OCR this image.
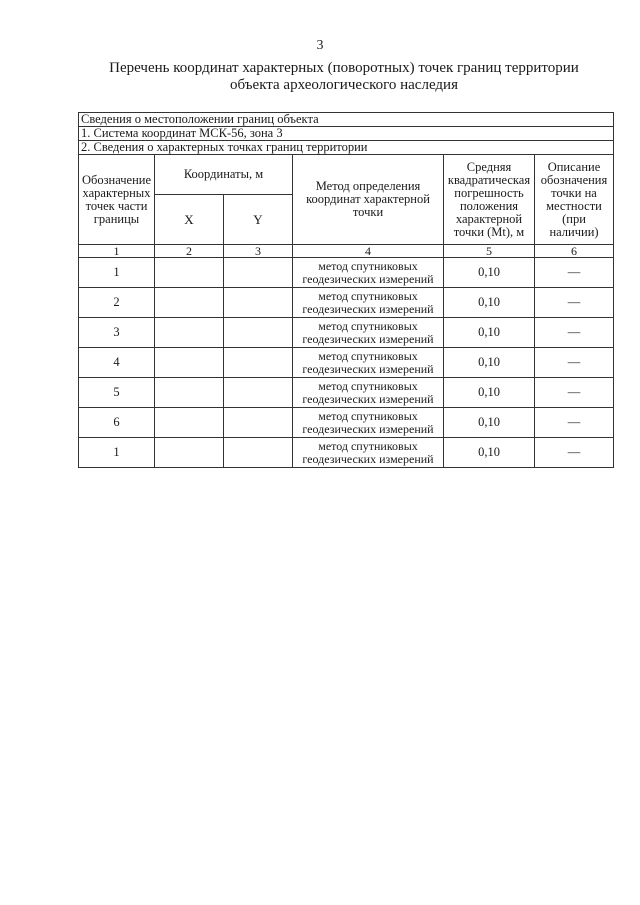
3
Перечень координат характерных (поворотных) точек границ территории
объекта археологического наследия
Сведения о местоположении границ объекта					
1. Система координат МСК-56, зона 3					
2. Сведения о характерных точках границ территории					
Обозначение характерных точек части границы	Координаты, м		Метод определения координат характерной точки	Средняя квадратическая погрешность положения характерной точки (Mt), м	Описание обозначения точки на местности (при наличии)
	X	Y			
1	2	3	4	5	6
1			метод спутниковых геодезических измерений	0,10	—
2			метод спутниковых геодезических измерений	0,10	—
3			метод спутниковых геодезических измерений	0,10	—
4			метод спутниковых геодезических измерений	0,10	—
5			метод спутниковых геодезических измерений	0,10	—
6			метод спутниковых геодезических измерений	0,10	—
1			метод спутниковых геодезических измерений	0,10	—
